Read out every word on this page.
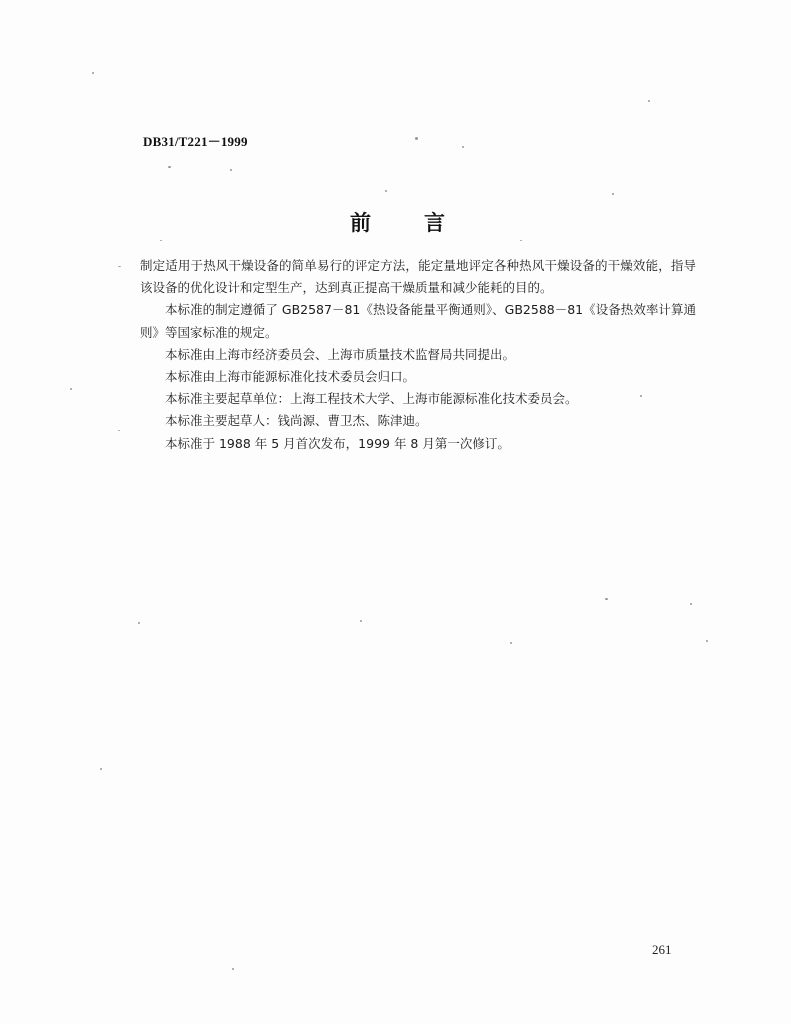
DB31/T221－1999
前	言

制定适用于热风干燥设备的简单易行的评定方法，能定量地评定各种热风干燥设备的干燥效能，指导该设备的优化设计和定型生产，达到真正提高干燥质量和减少能耗的目的。

本标准的制定遵循了 GB2587－81《热设备能量平衡通则》、GB2588－81《设备热效率计算通则》等国家标准的规定。

本标准由上海市经济委员会、上海市质量技术监督局共同提出。

本标准由上海市能源标准化技术委员会归口。

本标准主要起草单位：上海工程技术大学、上海市能源标准化技术委员会。

本标准主要起草人：钱尚源、曹卫杰、陈津迪。

本标准于 1988 年 5 月首次发布，1999 年 8 月第一次修订。

261
